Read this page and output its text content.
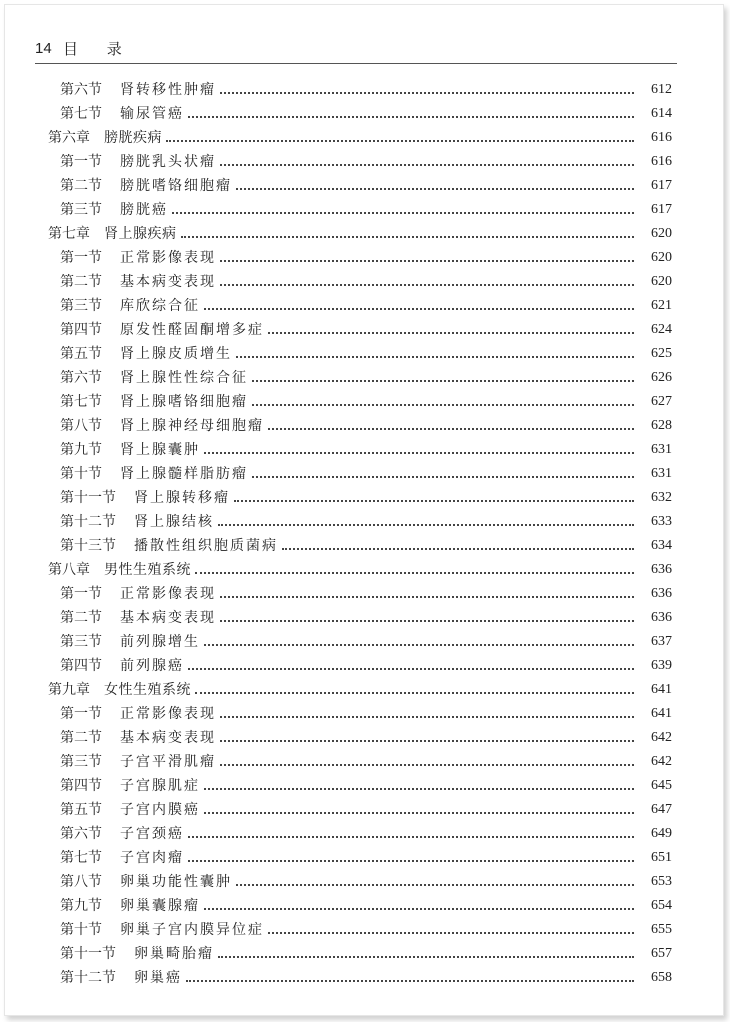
14 目 录
第六节 肾转移性肿瘤	612
第七节 输尿管癌	614
第六章 膀胱疾病	616
第一节 膀胱乳头状瘤	616
第二节 膀胱嗜铬细胞瘤	617
第三节 膀胱癌	617
第七章 肾上腺疾病	620
第一节 正常影像表现	620
第二节 基本病变表现	620
第三节 库欣综合征	621
第四节 原发性醛固酮增多症	624
第五节 肾上腺皮质增生	625
第六节 肾上腺性性综合征	626
第七节 肾上腺嗜铬细胞瘤	627
第八节 肾上腺神经母细胞瘤	628
第九节 肾上腺囊肿	631
第十节 肾上腺髓样脂肪瘤	631
第十一节 肾上腺转移瘤	632
第十二节 肾上腺结核	633
第十三节 播散性组织胞质菌病	634
第八章 男性生殖系统	636
第一节 正常影像表现	636
第二节 基本病变表现	636
第三节 前列腺增生	637
第四节 前列腺癌	639
第九章 女性生殖系统	641
第一节 正常影像表现	641
第二节 基本病变表现	642
第三节 子宫平滑肌瘤	642
第四节 子宫腺肌症	645
第五节 子宫内膜癌	647
第六节 子宫颈癌	649
第七节 子宫肉瘤	651
第八节 卵巢功能性囊肿	653
第九节 卵巢囊腺瘤	654
第十节 卵巢子宫内膜异位症	655
第十一节 卵巢畸胎瘤	657
第十二节 卵巢癌	658
